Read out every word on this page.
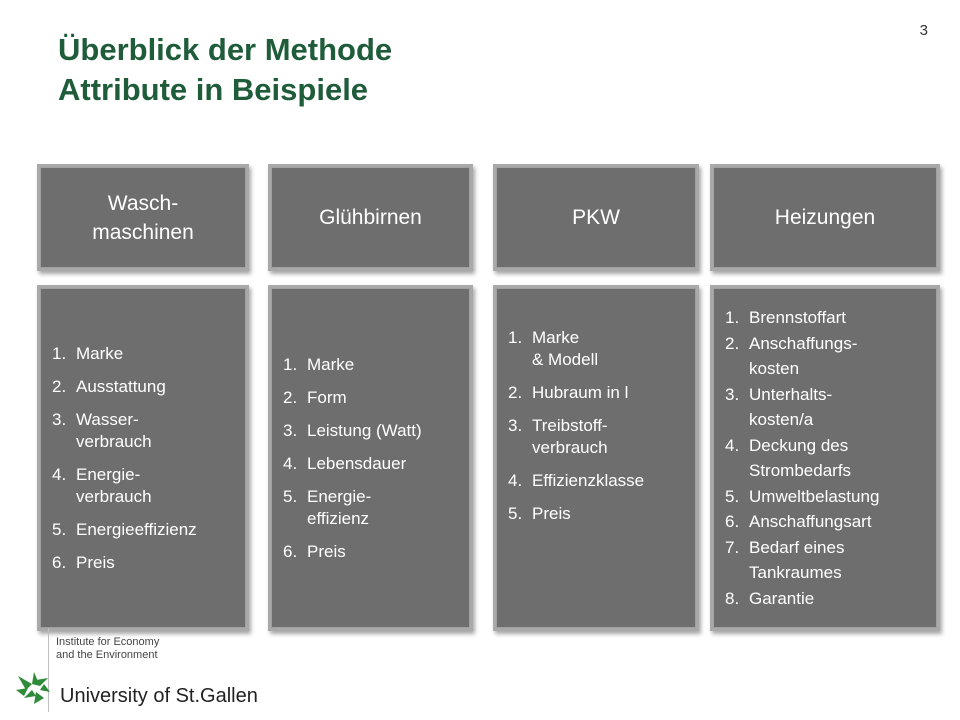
Überblick der Methode
Attribute in Beispiele
3
Wasch-
maschinen
Glühbirnen	PKW	Heizungen
1. Marke
2. Ausstattung
3. Wasser-
verbrauch
4. Energie-
verbrauch
5. Energieeffizienz
6. Preis
1. Marke
2. Form
3. Leistung (Watt)
4. Lebensdauer
5. Energie-
effizienz
6. Preis
1. Marke
& Modell
2. Hubraum in l
3. Treibstoff-
verbrauch
4. Effizienzklasse
5. Preis
1. Brennstoffart
2. Anschaffungs-
kosten
3. Unterhalts-
kosten/a
4. Deckung des
Strombedarfs
5. Umweltbelastung
6. Anschaffungsart
7. Bedarf eines
Tankraumes
8. Garantie
Institute for Economy
and the Environment
University of St.Gallen
